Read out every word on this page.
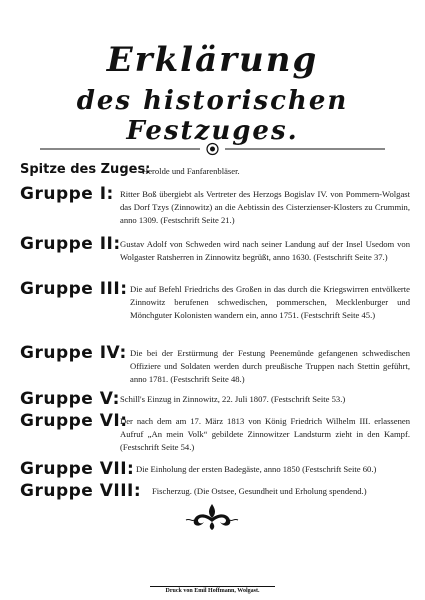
Erklärung
des historischen Festzuges.
Spitze des Zuges:
Herolde und Fanfarenbläser.
Gruppe I: Ritter Boß übergiebt als Vertreter des Herzogs Bogislav IV. von Pommern-Wolgast das Dorf Tzys (Zinnowitz) an die Aebtissin des Cisterzienser-Klosters zu Crummin, anno 1309. (Festschrift Seite 21.)
Gruppe II: Gustav Adolf von Schweden wird nach seiner Landung auf der Insel Usedom von Wolgaster Ratsherren in Zinnowitz begrüßt, anno 1630. (Festschrift Seite 37.)
Gruppe III: Die auf Befehl Friedrichs des Großen in das durch die Kriegswirren entvölkerte Zinnowitz berufenen schwedischen, pommerschen, Mecklenburger und Mönchguter Kolonisten wandern ein, anno 1751. (Festschrift Seite 45.)
Gruppe IV: Die bei der Erstürmung der Festung Peenemünde gefangenen schwedischen Offiziere und Soldaten werden durch preußische Truppen nach Stettin geführt, anno 1781. (Festschrift Seite 48.)
Gruppe V: Schill's Einzug in Zinnowitz, 22. Juli 1807. (Festschrift Seite 53.)
Gruppe VI:
Der nach dem am 17. März 1813 von König Friedrich Wilhelm III. erlassenen Aufruf „An mein Volk“ gebildete Zinnowitzer Landsturm zieht in den Kampf. (Festschrift Seite 54.)
Gruppe VII: Die Einholung der ersten Badegäste, anno 1850 (Festschrift Seite 60.)
Gruppe VIII: Fischerzug. (Die Ostsee, Gesundheit und Erholung spendend.)
Druck von Emil Hoffmann, Wolgast.
